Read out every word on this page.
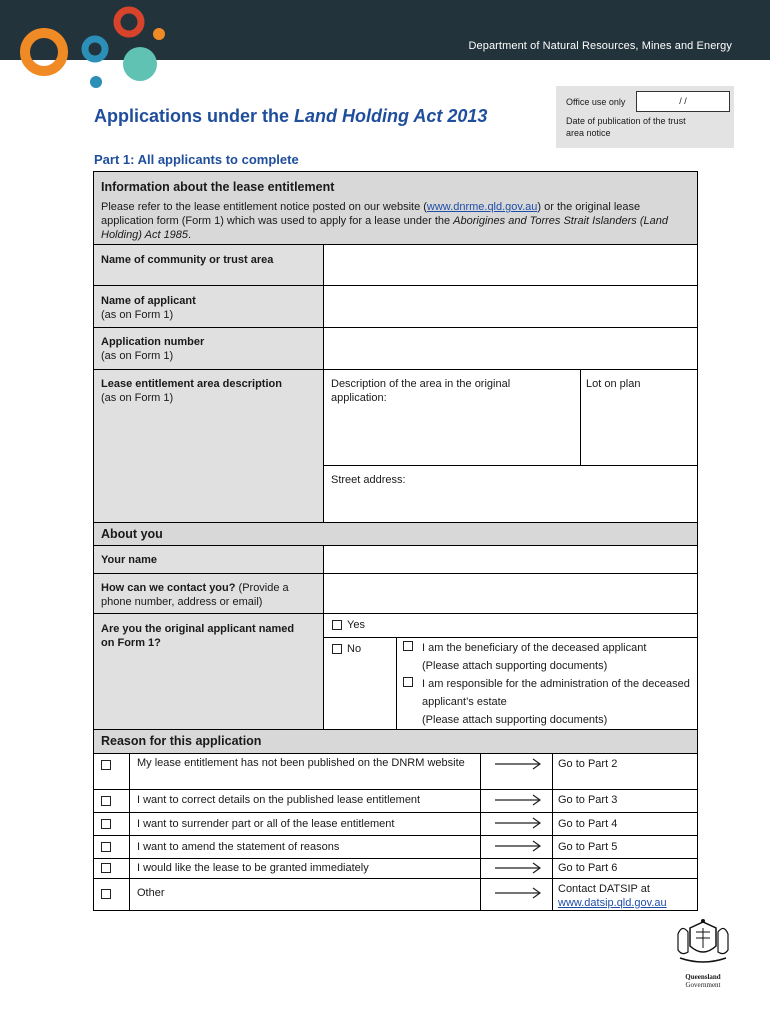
Department of Natural Resources, Mines and Energy
Applications under the Land Holding Act 2013
Office use only	/ /
Date of publication of the trust area notice
Part 1: All applicants to complete
Information about the lease entitlement
Please refer to the lease entitlement notice posted on our website (www.dnrme.qld.gov.au) or the original lease application form (Form 1) which was used to apply for a lease under the Aborigines and Torres Strait Islanders (Land Holding) Act 1985.
Name of community or trust area
Name of applicant
(as on Form 1)
Application number
(as on Form 1)
Lease entitlement area description
(as on Form 1)
Description of the area in the original application:
Lot on plan
Street address:
About you
Your name
How can we contact you? (Provide a phone number, address or email)
Are you the original applicant named on Form 1?
Yes
No	I am the beneficiary of the deceased applicant
(Please attach supporting documents)
I am responsible for the administration of the deceased applicant’s estate
(Please attach supporting documents)
Reason for this application
My lease entitlement has not been published on the DNRM website	Go to Part 2
I want to correct details on the published lease entitlement	Go to Part 3
I want to surrender part or all of the lease entitlement	Go to Part 4
I want to amend the statement of reasons	Go to Part 5
I would like the lease to be granted immediately	Go to Part 6
Other	Contact DATSIP at
www.datsip.qld.gov.au
Queensland
Government
